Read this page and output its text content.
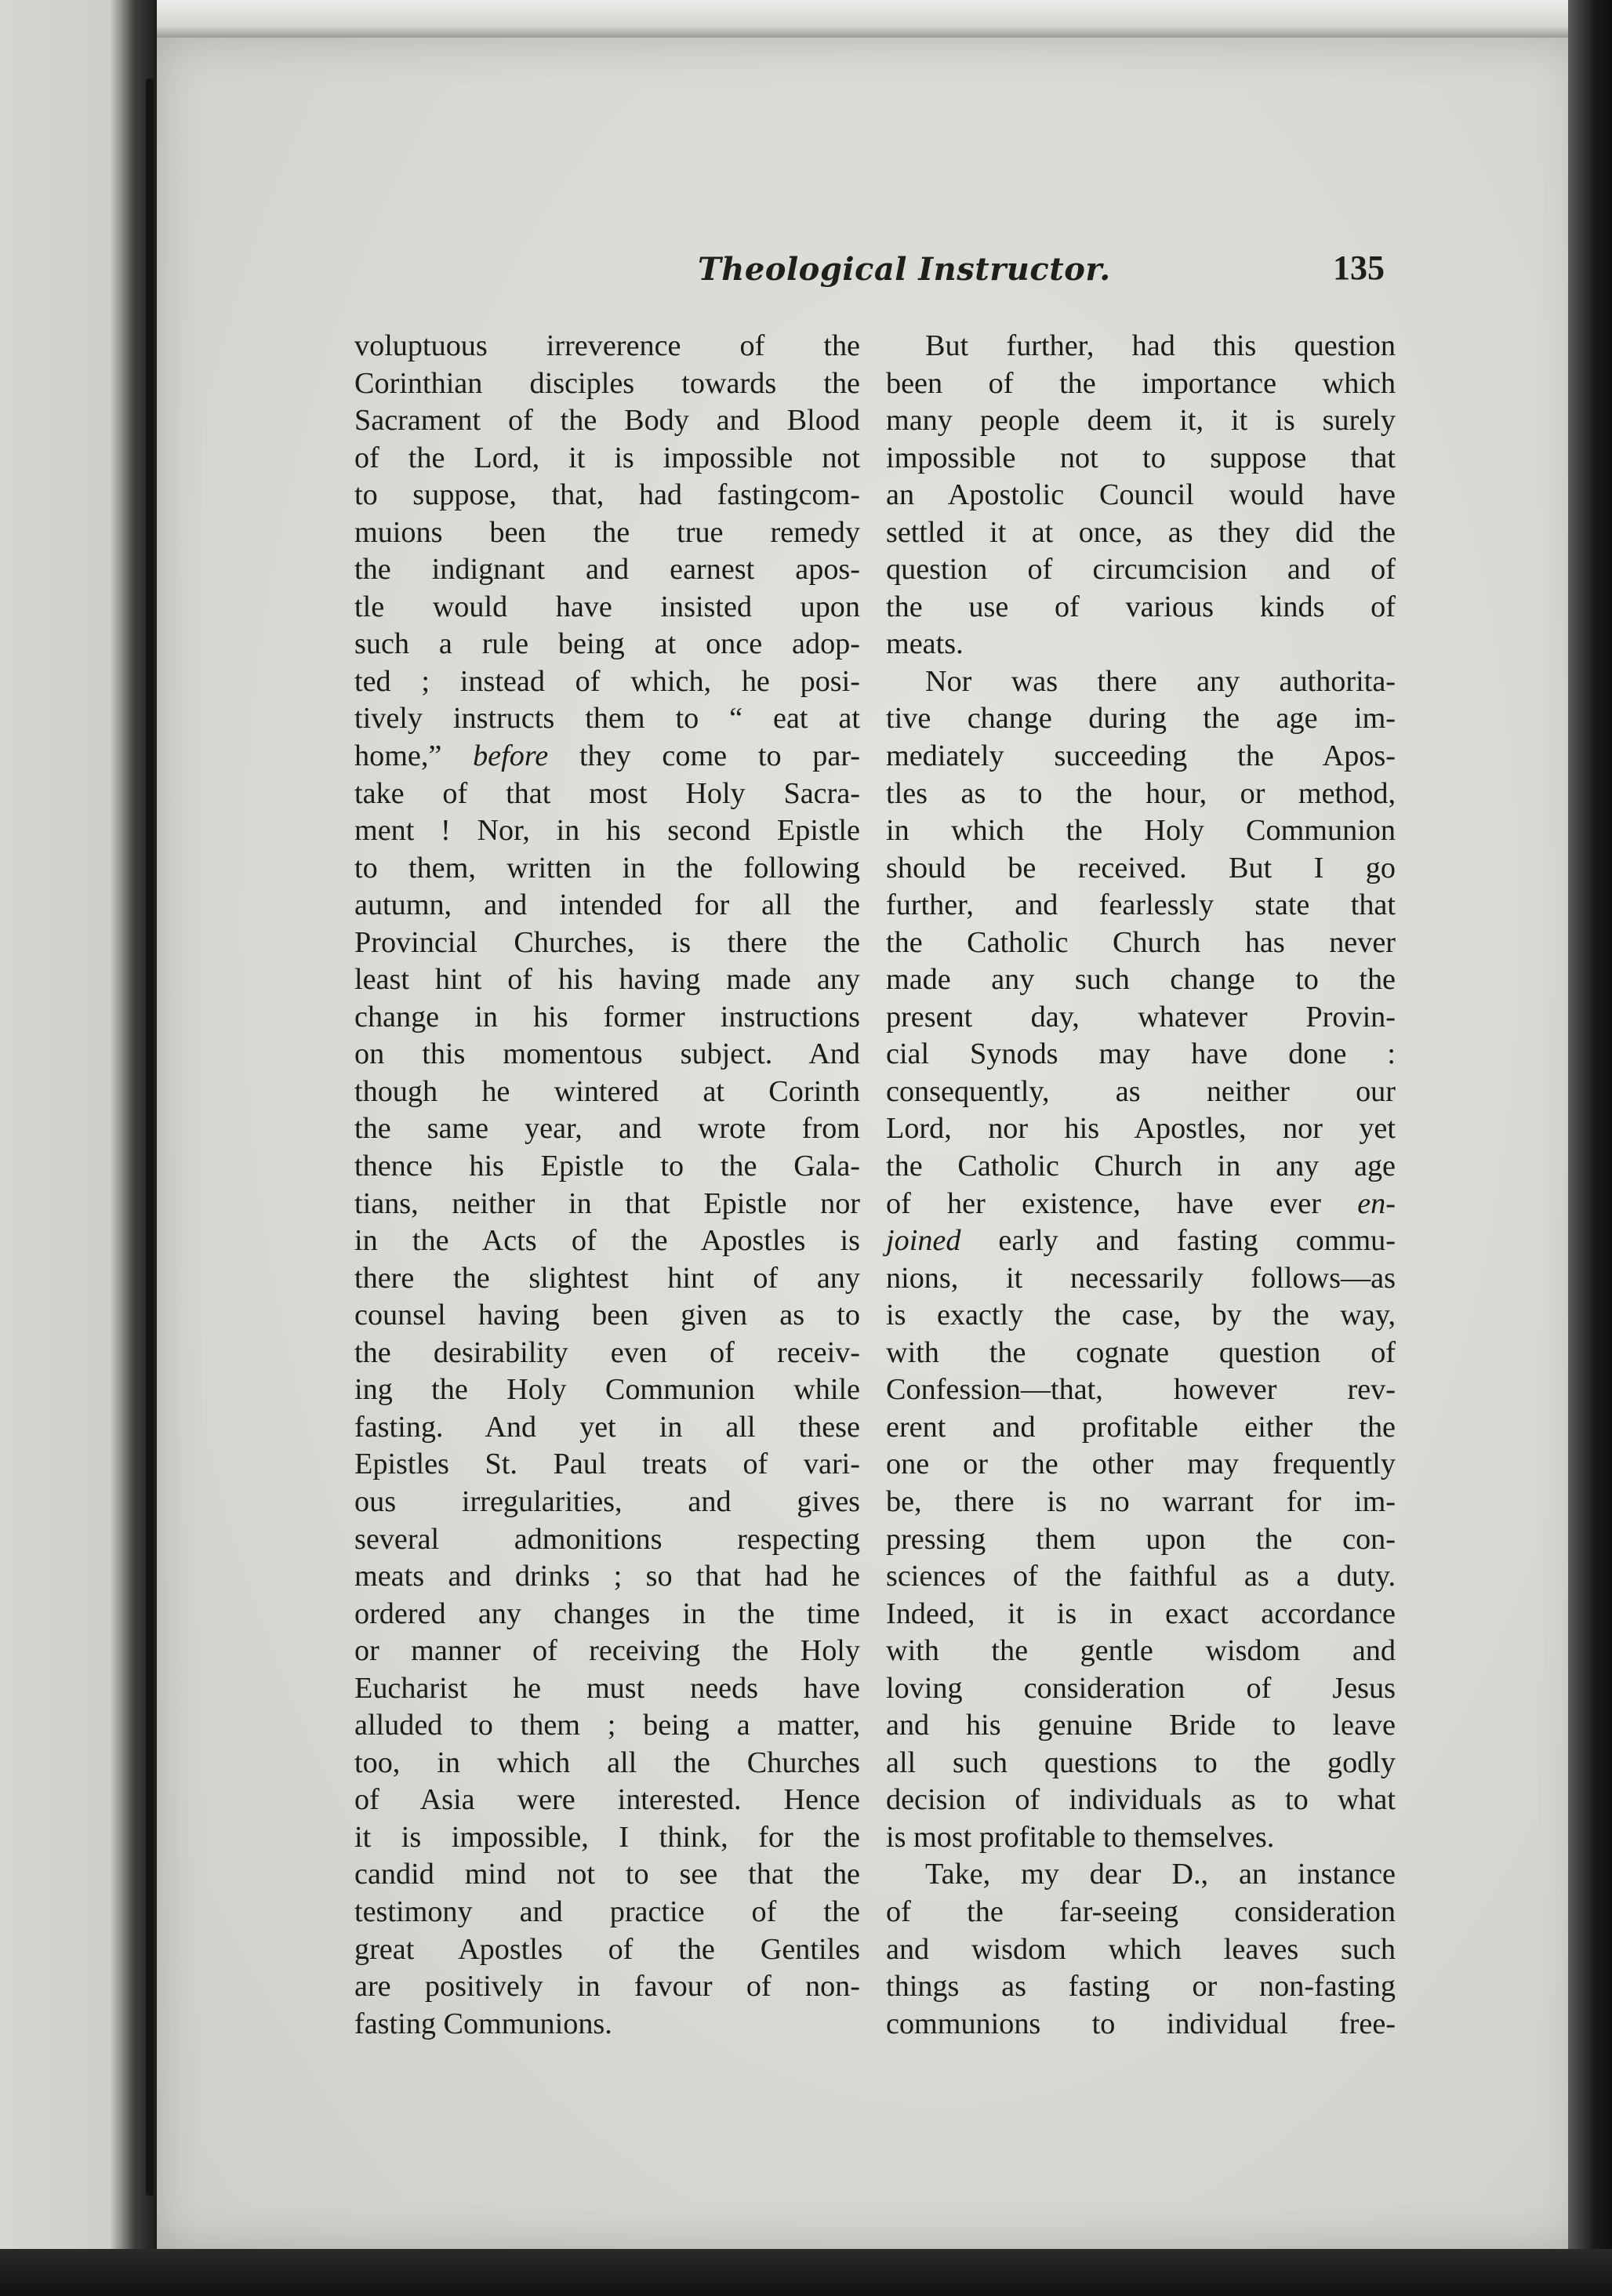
Theological Instructor.	135
voluptuous irreverence of the
Corinthian disciples towards the
Sacrament of the Body and Blood
of the Lord, it is impossible not
to suppose, that, had fastingcom-
muions been the true remedy
the indignant and earnest apos-
tle would have insisted upon
such a rule being at once adop-
ted ; instead of which, he posi-
tively instructs them to “ eat at
home,” before they come to par-
take of that most Holy Sacra-
ment ! Nor, in his second Epistle
to them, written in the following
autumn, and intended for all the
Provincial Churches, is there the
least hint of his having made any
change in his former instructions
on this momentous subject. And
though he wintered at Corinth
the same year, and wrote from
thence his Epistle to the Gala-
tians, neither in that Epistle nor
in the Acts of the Apostles is
there the slightest hint of any
counsel having been given as to
the desirability even of receiv-
ing the Holy Communion while
fasting. And yet in all these
Epistles St. Paul treats of vari-
ous irregularities, and gives
several admonitions respecting
meats and drinks ; so that had he
ordered any changes in the time
or manner of receiving the Holy
Eucharist he must needs have
alluded to them ; being a matter,
too, in which all the Churches
of Asia were interested. Hence
it is impossible, I think, for the
candid mind not to see that the
testimony and practice of the
great Apostles of the Gentiles
are positively in favour of non-
fasting Communions.
But further, had this question
been of the importance which
many people deem it, it is surely
impossible not to suppose that
an Apostolic Council would have
settled it at once, as they did the
question of circumcision and of
the use of various kinds of
meats.
Nor was there any authorita-
tive change during the age im-
mediately succeeding the Apos-
tles as to the hour, or method,
in which the Holy Communion
should be received. But I go
further, and fearlessly state that
the Catholic Church has never
made any such change to the
present day, whatever Provin-
cial Synods may have done :
consequently, as neither our
Lord, nor his Apostles, nor yet
the Catholic Church in any age
of her existence, have ever en-
joined early and fasting commu-
nions, it necessarily follows—as
is exactly the case, by the way,
with the cognate question of
Confession—that, however rev-
erent and profitable either the
one or the other may frequently
be, there is no warrant for im-
pressing them upon the con-
sciences of the faithful as a duty.
Indeed, it is in exact accordance
with the gentle wisdom and
loving consideration of Jesus
and his genuine Bride to leave
all such questions to the godly
decision of individuals as to what
is most profitable to themselves.
Take, my dear D., an instance
of the far-seeing consideration
and wisdom which leaves such
things as fasting or non-fasting
communions to individual free-
